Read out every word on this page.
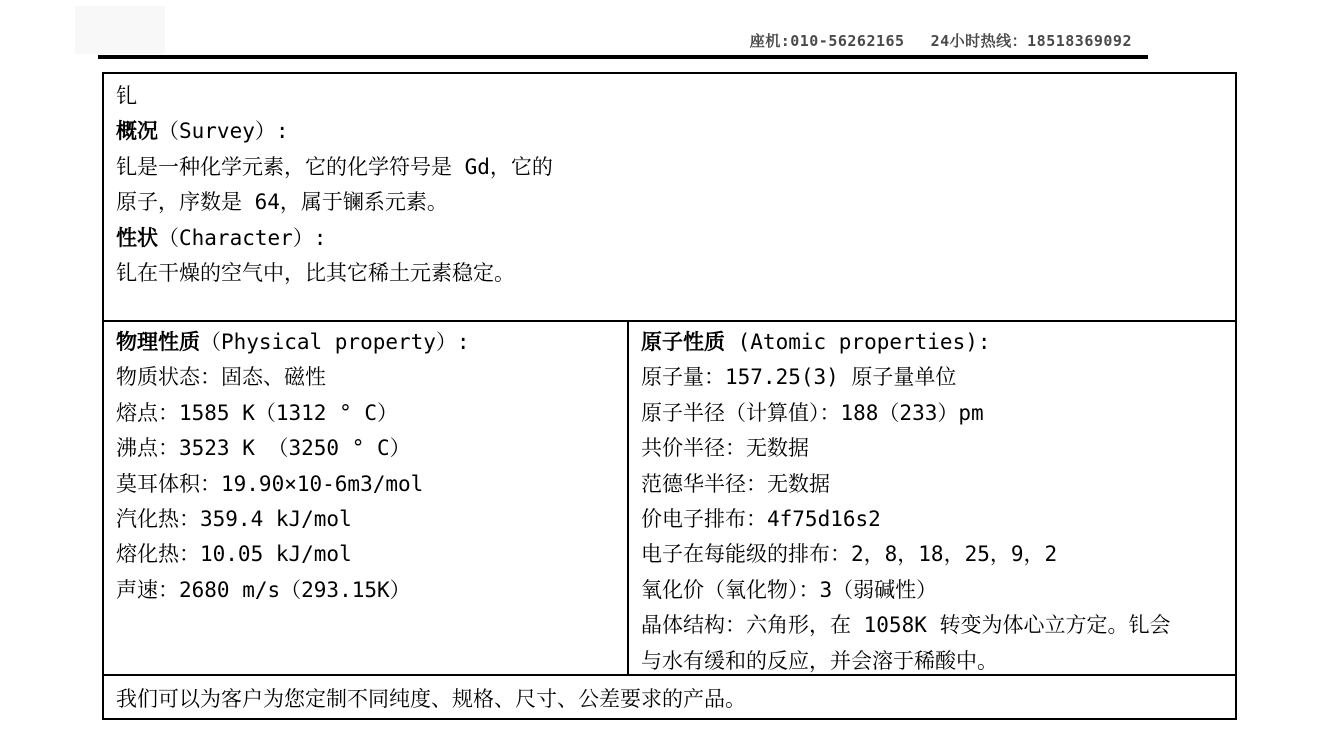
座机:010-56262165 24小时热线：18518369092
钆
概况（Survey）:
钆是一种化学元素，它的化学符号是 Gd，它的
原子，序数是 64，属于镧系元素。
性状（Character）:
钆在干燥的空气中，比其它稀土元素稳定。
物理性质（Physical property）:
物质状态：固态、磁性
熔点：1585 K（1312 ° C）
沸点：3523 K （3250 ° C）
莫耳体积：19.90×10-6m3/mol
汽化热：359.4 kJ/mol
熔化热：10.05 kJ/mol
声速：2680 m/s（293.15K）
原子性质 (Atomic properties):
原子量：157.25(3) 原子量单位
原子半径（计算值）：188（233）pm
共价半径：无数据
范德华半径：无数据
价电子排布：4f75d16s2
电子在每能级的排布：2，8，18，25，9，2
氧化价（氧化物）：3（弱碱性）
晶体结构：六角形，在 1058K 转变为体心立方定。钆会
与水有缓和的反应，并会溶于稀酸中。
我们可以为客户为您定制不同纯度、规格、尺寸、公差要求的产品。
